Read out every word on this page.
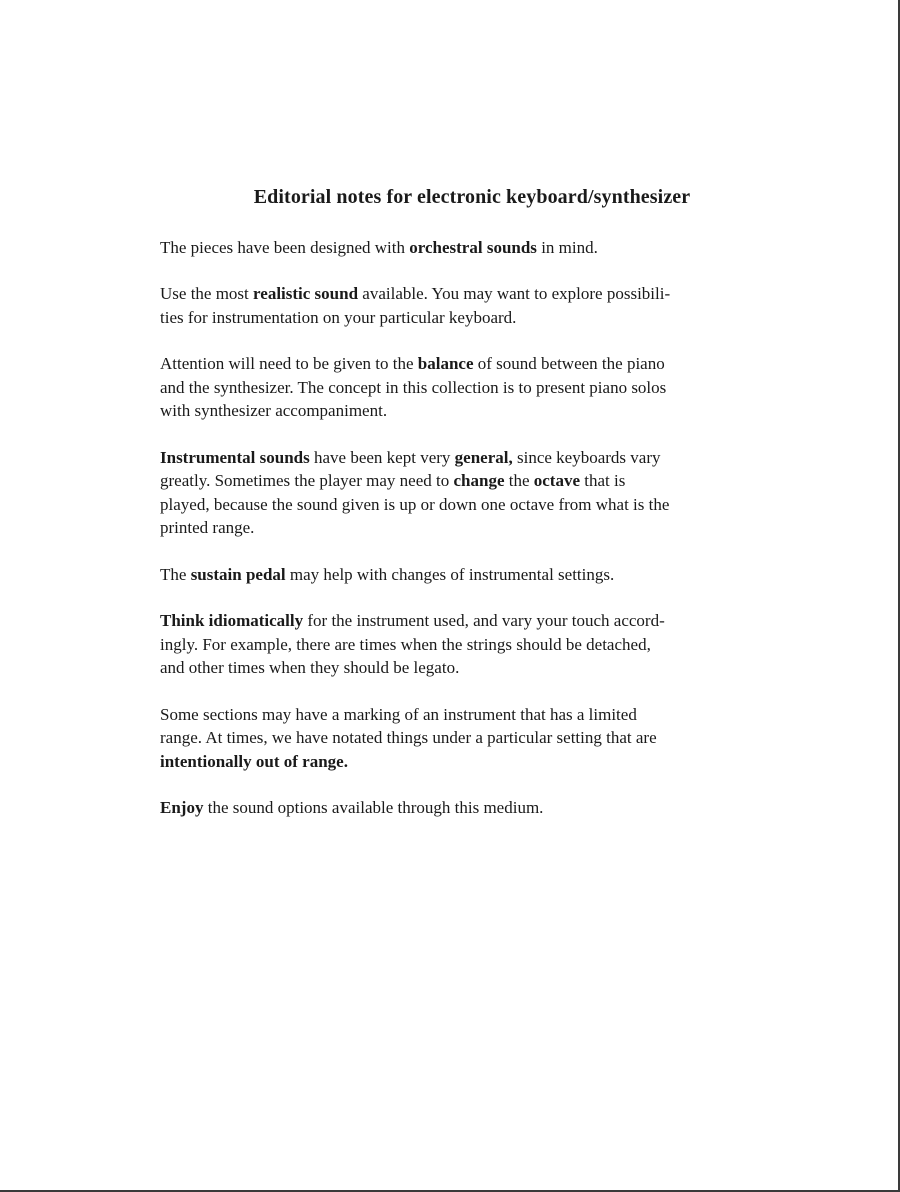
Editorial notes for electronic keyboard/synthesizer

The pieces have been designed with orchestral sounds in mind.

Use the most realistic sound available. You may want to explore possibili-
ties for instrumentation on your particular keyboard.

Attention will need to be given to the balance of sound between the piano
and the synthesizer. The concept in this collection is to present piano solos
with synthesizer accompaniment.

Instrumental sounds have been kept very general, since keyboards vary
greatly. Sometimes the player may need to change the octave that is
played, because the sound given is up or down one octave from what is the
printed range.

The sustain pedal may help with changes of instrumental settings.

Think idiomatically for the instrument used, and vary your touch accord-
ingly. For example, there are times when the strings should be detached,
and other times when they should be legato.

Some sections may have a marking of an instrument that has a limited
range. At times, we have notated things under a particular setting that are
intentionally out of range.

Enjoy the sound options available through this medium.
